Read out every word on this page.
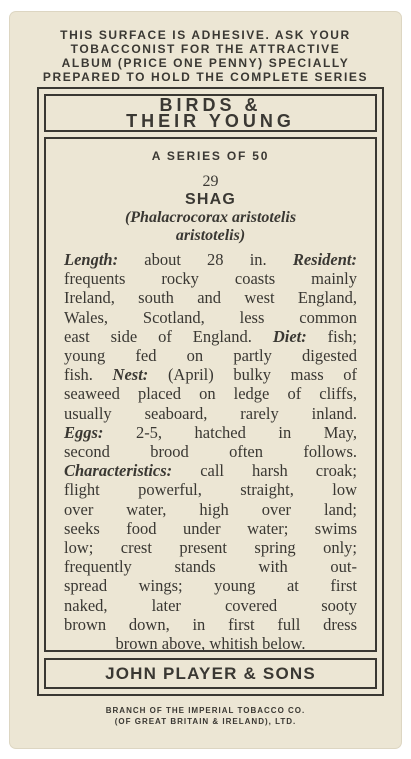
THIS SURFACE IS ADHESIVE. ASK YOUR
TOBACCONIST FOR THE ATTRACTIVE
ALBUM (PRICE ONE PENNY) SPECIALLY
PREPARED TO HOLD THE COMPLETE SERIES
BIRDS &
THEIR YOUNG
A SERIES OF 50
29
SHAG
(Phalacrocorax aristotelis
aristotelis)
Length: about 28 in. Resident:
frequents rocky coasts mainly
Ireland, south and west England,
Wales, Scotland, less common
east side of England. Diet: fish;
young fed on partly digested
fish. Nest: (April) bulky mass of
seaweed placed on ledge of cliffs,
usually seaboard, rarely inland.
Eggs: 2-5, hatched in May,
second brood often follows.
Characteristics: call harsh croak;
flight powerful, straight, low
over water, high over land;
seeks food under water; swims
low; crest present spring only;
frequently stands with out-
spread wings; young at first
naked, later covered sooty
brown down, in first full dress
brown above, whitish below.
JOHN PLAYER & SONS
BRANCH OF THE IMPERIAL TOBACCO CO.
(OF GREAT BRITAIN & IRELAND), LTD.
